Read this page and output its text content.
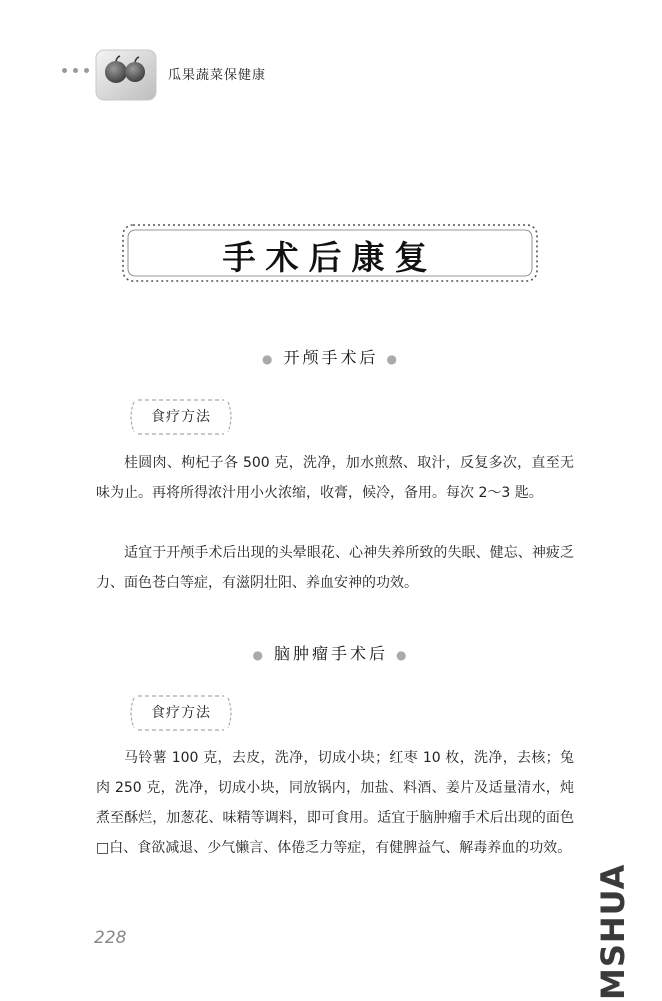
瓜果蔬菜保健康
手术后康复
● 开颅手术后 ●
食疗方法

桂圆肉、枸杞子各 500 克，洗净，加水煎熬、取汁，反复多次，直至无味为止。再将所得浓汁用小火浓缩，收膏，候冷，备用。每次 2～3 匙。

适宜于开颅手术后出现的头晕眼花、心神失养所致的失眠、健忘、神疲乏力、面色苍白等症，有滋阴壮阳、养血安神的功效。

● 脑肿瘤手术后 ●
食疗方法

马铃薯 100 克，去皮，洗净，切成小块；红枣 10 枚，洗净，去核；兔肉 250 克，洗净，切成小块，同放锅内，加盐、料酒、姜片及适量清水，炖煮至酥烂，加葱花、味精等调料，即可食用。适宜于脑肿瘤手术后出现的面色□白、食欲减退、少气懒言、体倦乏力等症，有健脾益气、解毒养血的功效。

228	MSHUA
